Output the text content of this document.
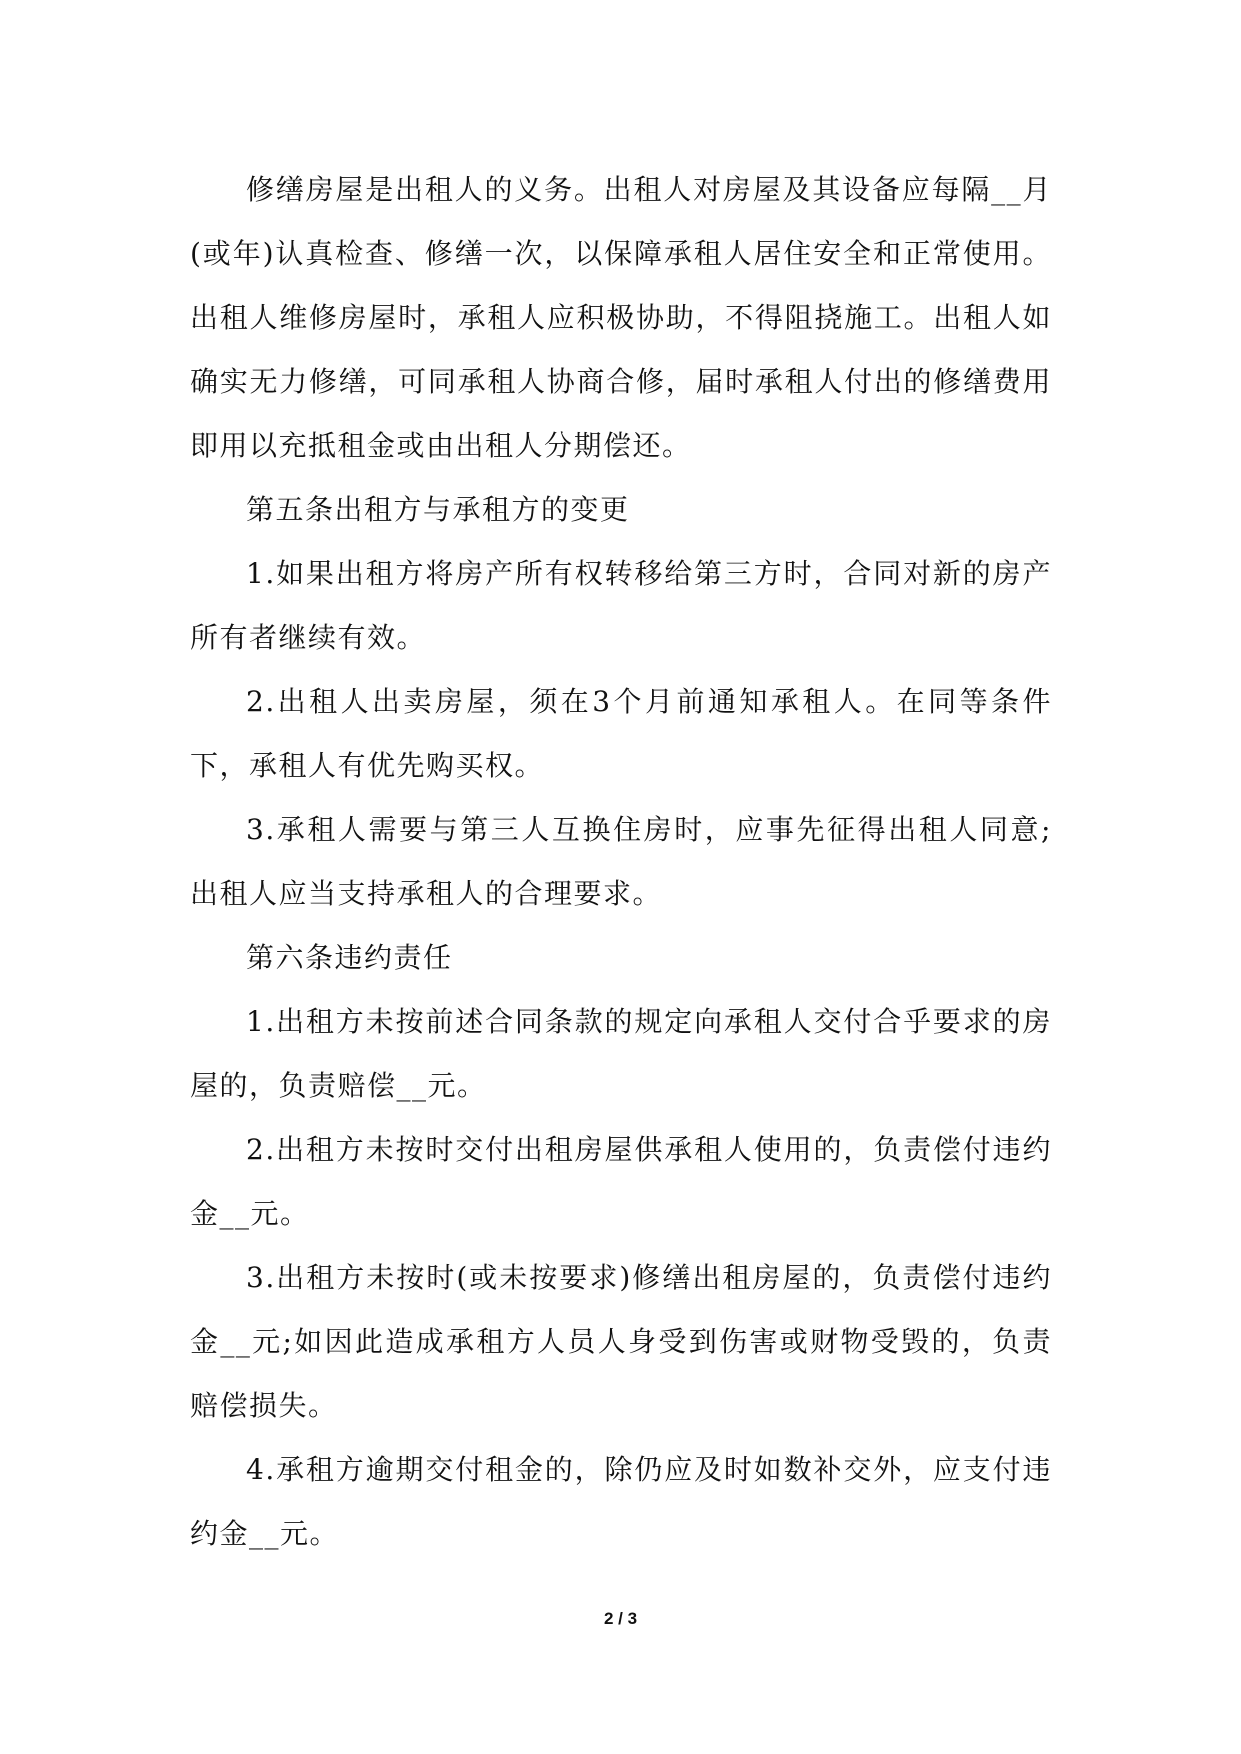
修缮房屋是出租人的义务。出租人对房屋及其设备应每隔__月(或年)认真检查、修缮一次，以保障承租人居住安全和正常使用。出租人维修房屋时，承租人应积极协助，不得阻挠施工。出租人如确实无力修缮，可同承租人协商合修，届时承租人付出的修缮费用即用以充抵租金或由出租人分期偿还。

第五条出租方与承租方的变更

1.如果出租方将房产所有权转移给第三方时，合同对新的房产所有者继续有效。

2.出租人出卖房屋，须在3个月前通知承租人。在同等条件下，承租人有优先购买权。

3.承租人需要与第三人互换住房时，应事先征得出租人同意;出租人应当支持承租人的合理要求。

第六条违约责任

1.出租方未按前述合同条款的规定向承租人交付合乎要求的房屋的，负责赔偿__元。

2.出租方未按时交付出租房屋供承租人使用的，负责偿付违约金__元。

3.出租方未按时(或未按要求)修缮出租房屋的，负责偿付违约金__元;如因此造成承租方人员人身受到伤害或财物受毁的，负责赔偿损失。

4.承租方逾期交付租金的，除仍应及时如数补交外，应支付违约金__元。

2 / 3
